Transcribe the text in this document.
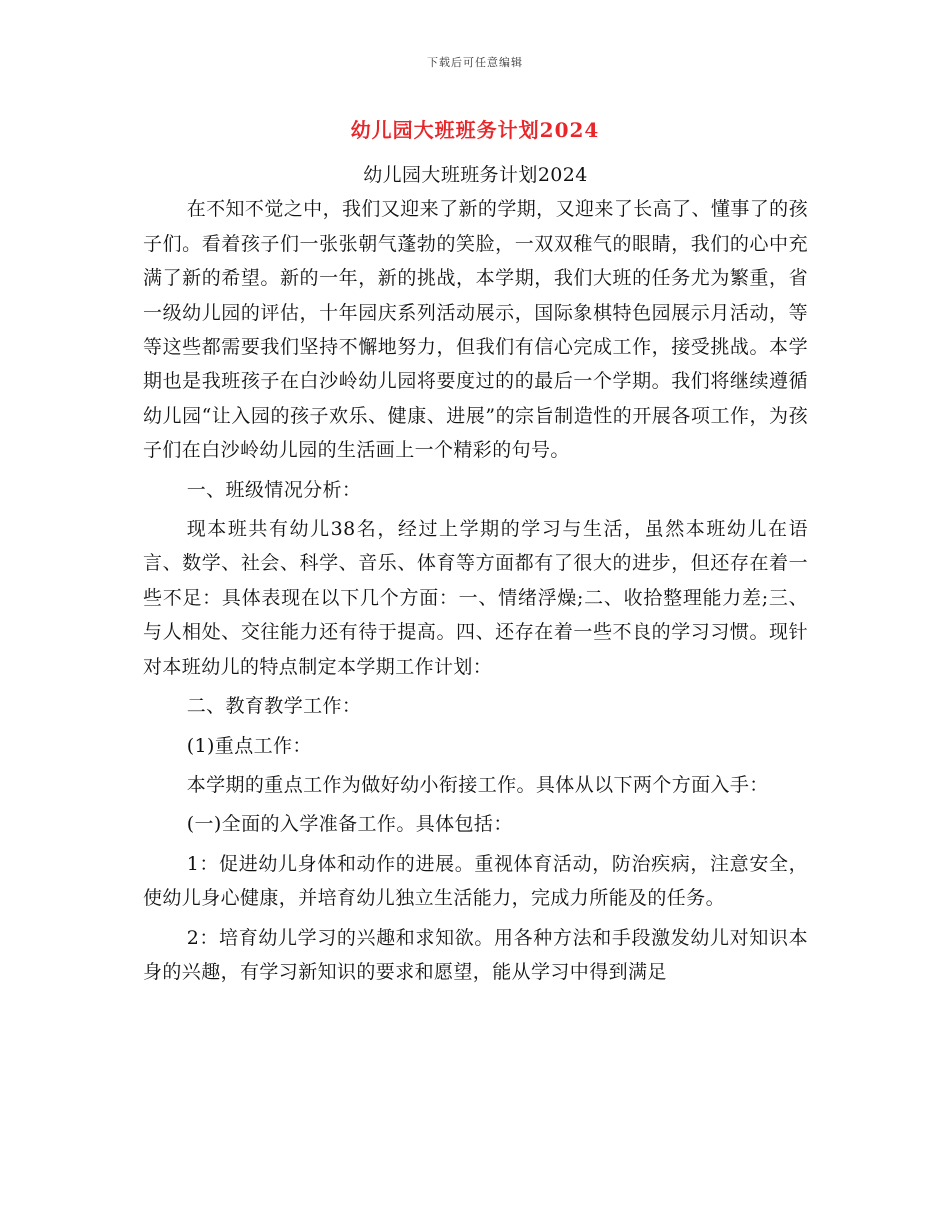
下载后可任意编辑
幼儿园大班班务计划2024

幼儿园大班班务计划2024

在不知不觉之中，我们又迎来了新的学期，又迎来了长高了、懂事了的孩子们。看着孩子们一张张朝气蓬勃的笑脸，一双双稚气的眼睛，我们的心中充满了新的希望。新的一年，新的挑战，本学期，我们大班的任务尤为繁重，省一级幼儿园的评估，十年园庆系列活动展示，国际象棋特色园展示月活动，等等这些都需要我们坚持不懈地努力，但我们有信心完成工作，接受挑战。本学期也是我班孩子在白沙岭幼儿园将要度过的的最后一个学期。我们将继续遵循幼儿园“让入园的孩子欢乐、健康、进展”的宗旨制造性的开展各项工作，为孩子们在白沙岭幼儿园的生活画上一个精彩的句号。

一、班级情况分析：

现本班共有幼儿38名，经过上学期的学习与生活，虽然本班幼儿在语言、数学、社会、科学、音乐、体育等方面都有了很大的进步，但还存在着一些不足：具体表现在以下几个方面：一、情绪浮燥;二、收拾整理能力差;三、与人相处、交往能力还有待于提高。四、还存在着一些不良的学习习惯。现针对本班幼儿的特点制定本学期工作计划：

二、教育教学工作：

(1)重点工作：

本学期的重点工作为做好幼小衔接工作。具体从以下两个方面入手：

(一)全面的入学准备工作。具体包括：

1：促进幼儿身体和动作的进展。重视体育活动，防治疾病，注意安全，使幼儿身心健康，并培育幼儿独立生活能力，完成力所能及的任务。

2：培育幼儿学习的兴趣和求知欲。用各种方法和手段激发幼儿对知识本身的兴趣，有学习新知识的要求和愿望，能从学习中得到满足
